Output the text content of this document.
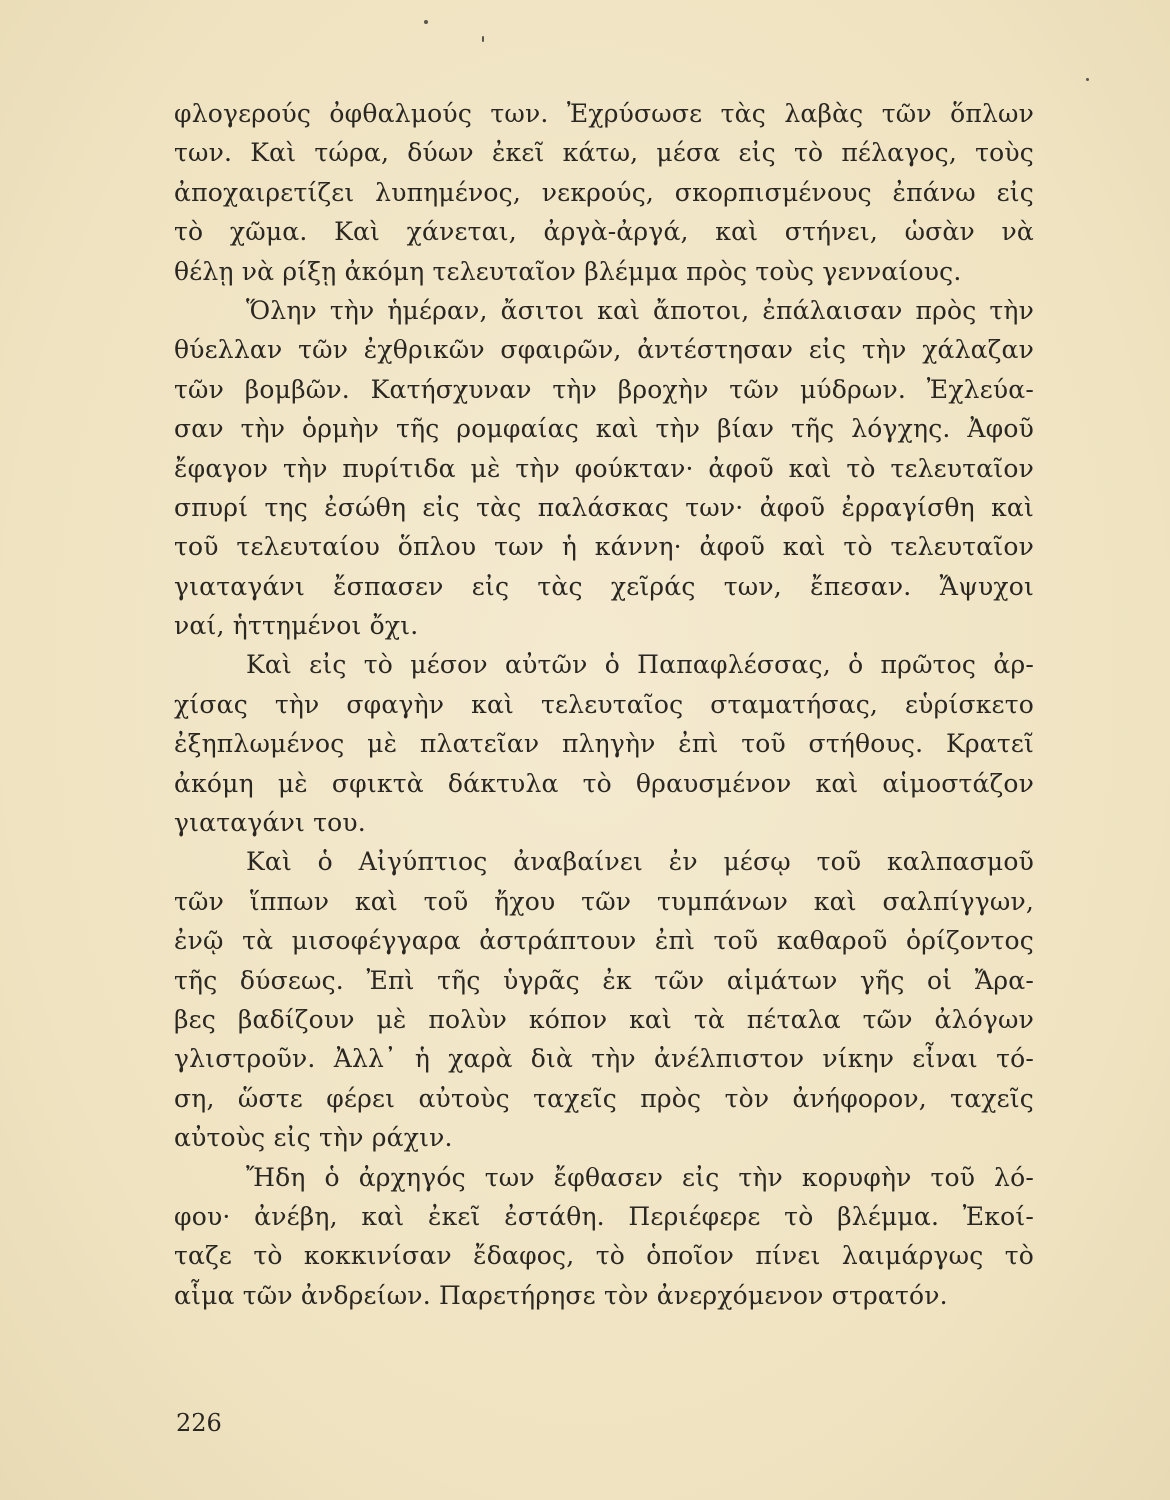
φλογερούς ὀφθαλμούς των. Ἐχρύσωσε τὰς λαβὰς τῶν ὅπλων
των. Καὶ τώρα, δύων ἐκεῖ κάτω, μέσα εἰς τὸ πέλαγος, τοὺς
ἀποχαιρετίζει λυπημένος, νεκρούς, σκορπισμένους ἐπάνω εἰς
τὸ χῶμα. Καὶ χάνεται, ἀργὰ-ἀργά, καὶ στήνει, ὡσὰν νὰ
θέλῃ νὰ ρίξῃ ἀκόμη τελευταῖον βλέμμα πρὸς τοὺς γενναίους.
Ὅλην τὴν ἡμέραν, ἄσιτοι καὶ ἄποτοι, ἐπάλαισαν πρὸς τὴν
θύελλαν τῶν ἐχθρικῶν σφαιρῶν, ἀντέστησαν εἰς τὴν χάλαζαν
τῶν βομβῶν. Κατήσχυναν τὴν βροχὴν τῶν μύδρων. Ἐχλεύα-
σαν τὴν ὁρμὴν τῆς ρομφαίας καὶ τὴν βίαν τῆς λόγχης. Ἀφοῦ
ἔφαγον τὴν πυρίτιδα μὲ τὴν φούκταν· ἀφοῦ καὶ τὸ τελευταῖον
σπυρί της ἐσώθη εἰς τὰς παλάσκας των· ἀφοῦ ἐρραγίσθη καὶ
τοῦ τελευταίου ὅπλου των ἡ κάννη· ἀφοῦ καὶ τὸ τελευταῖον
γιαταγάνι ἔσπασεν εἰς τὰς χεῖράς των, ἔπεσαν. Ἄψυχοι
ναί, ἡττημένοι ὄχι.
Καὶ εἰς τὸ μέσον αὐτῶν ὁ Παπαφλέσσας, ὁ πρῶτος ἀρ-
χίσας τὴν σφαγὴν καὶ τελευταῖος σταματήσας, εὑρίσκετο
ἐξηπλωμένος μὲ πλατεῖαν πληγὴν ἐπὶ τοῦ στήθους. Κρατεῖ
ἀκόμη μὲ σφικτὰ δάκτυλα τὸ θραυσμένον καὶ αἱμοστάζον
γιαταγάνι του.
Καὶ ὁ Αἰγύπτιος ἀναβαίνει ἐν μέσῳ τοῦ καλπασμοῦ
τῶν ἵππων καὶ τοῦ ἤχου τῶν τυμπάνων καὶ σαλπίγγων,
ἐνῷ τὰ μισοφέγγαρα ἀστράπτουν ἐπὶ τοῦ καθαροῦ ὁρίζοντος
τῆς δύσεως. Ἐπὶ τῆς ὑγρᾶς ἐκ τῶν αἱμάτων γῆς οἱ Ἄρα-
βες βαδίζουν μὲ πολὺν κόπον καὶ τὰ πέταλα τῶν ἀλόγων
γλιστροῦν. Ἀλλ᾽ ἡ χαρὰ διὰ τὴν ἀνέλπιστον νίκην εἶναι τό-
ση, ὥστε φέρει αὐτοὺς ταχεῖς πρὸς τὸν ἀνήφορον, ταχεῖς
αὐτοὺς εἰς τὴν ράχιν.
Ἤδη ὁ ἀρχηγός των ἔφθασεν εἰς τὴν κορυφὴν τοῦ λό-
φου· ἀνέβη, καὶ ἐκεῖ ἐστάθη. Περιέφερε τὸ βλέμμα. Ἐκοί-
ταζε τὸ κοκκινίσαν ἔδαφος, τὸ ὁποῖον πίνει λαιμάργως τὸ
αἷμα τῶν ἀνδρείων. Παρετήρησε τὸν ἀνερχόμενον στρατόν.
226
